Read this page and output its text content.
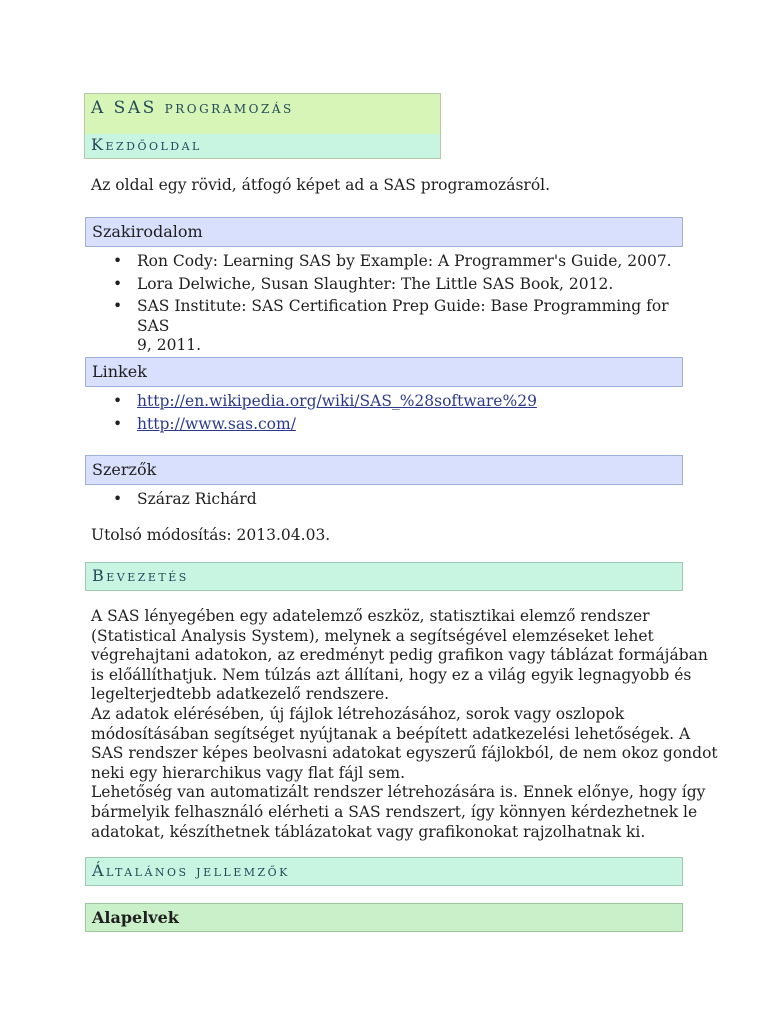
A SAS programozás
Kezdőoldal
Az oldal egy rövid, átfogó képet ad a SAS programozásról.
Szakirodalom
• Ron Cody: Learning SAS by Example: A Programmer's Guide, 2007.
• Lora Delwiche, Susan Slaughter: The Little SAS Book, 2012.
• SAS Institute: SAS Certification Prep Guide: Base Programming for SAS
9, 2011.
Linkek
• http://en.wikipedia.org/wiki/SAS_%28software%29
• http://www.sas.com/
Szerzők
• Száraz Richárd
Utolsó módosítás: 2013.04.03.
Bevezetés
A SAS lényegében egy adatelemző eszköz, statisztikai elemző rendszer
(Statistical Analysis System), melynek a segítségével elemzéseket lehet
végrehajtani adatokon, az eredményt pedig grafikon vagy táblázat formájában
is előállíthatjuk. Nem túlzás azt állítani, hogy ez a világ egyik legnagyobb és
legelterjedtebb adatkezelő rendszere.
Az adatok elérésében, új fájlok létrehozásához, sorok vagy oszlopok
módosításában segítséget nyújtanak a beépített adatkezelési lehetőségek. A
SAS rendszer képes beolvasni adatokat egyszerű fájlokból, de nem okoz gondot
neki egy hierarchikus vagy flat fájl sem.
Lehetőség van automatizált rendszer létrehozására is. Ennek előnye, hogy így
bármelyik felhasználó elérheti a SAS rendszert, így könnyen kérdezhetnek le
adatokat, készíthetnek táblázatokat vagy grafikonokat rajzolhatnak ki.
Általános jellemzők
Alapelvek
